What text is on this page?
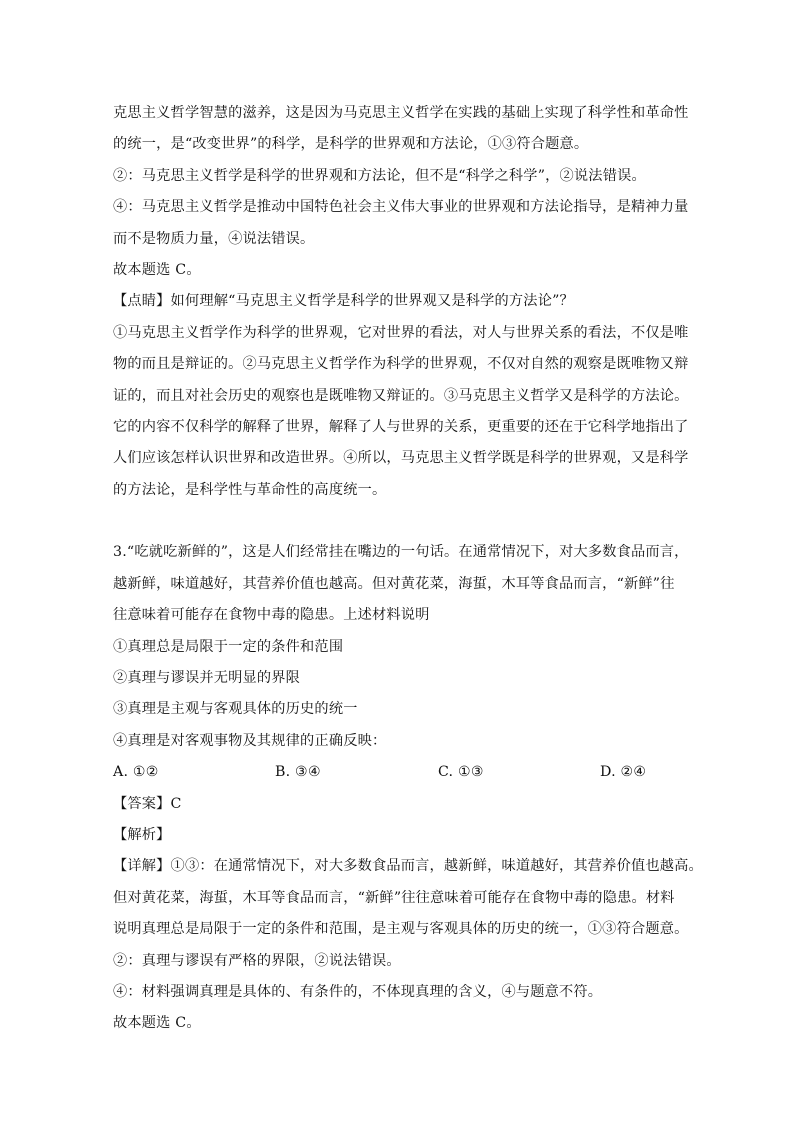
克思主义哲学智慧的滋养，这是因为马克思主义哲学在实践的基础上实现了科学性和革命性

的统一，是“改变世界”的科学，是科学的世界观和方法论，①③符合题意。

②：马克思主义哲学是科学的世界观和方法论，但不是“科学之科学”，②说法错误。

④：马克思主义哲学是推动中国特色社会主义伟大事业的世界观和方法论指导，是精神力量

而不是物质力量，④说法错误。

故本题选 C。

【点睛】如何理解“马克思主义哲学是科学的世界观又是科学的方法论”？

①马克思主义哲学作为科学的世界观，它对世界的看法，对人与世界关系的看法，不仅是唯

物的而且是辩证的。②马克思主义哲学作为科学的世界观，不仅对自然的观察是既唯物又辩

证的，而且对社会历史的观察也是既唯物又辩证的。③马克思主义哲学又是科学的方法论。

它的内容不仅科学的解释了世界，解释了人与世界的关系，更重要的还在于它科学地指出了

人们应该怎样认识世界和改造世界。④所以，马克思主义哲学既是科学的世界观，又是科学

的方法论，是科学性与革命性的高度统一。

3.“吃就吃新鲜的”，这是人们经常挂在嘴边的一句话。在通常情况下，对大多数食品而言，

越新鲜，味道越好，其营养价值也越高。但对黄花菜，海蜇，木耳等食品而言，“新鲜”往

往意味着可能存在食物中毒的隐患。上述材料说明

①真理总是局限于一定的条件和范围

②真理与谬误并无明显的界限

③真理是主观与客观具体的历史的统一

④真理是对客观事物及其规律的正确反映：

A. ①②	B. ③④	C. ①③	D. ②④

【答案】C

【解析】

【详解】①③：在通常情况下，对大多数食品而言，越新鲜，味道越好，其营养价值也越高。

但对黄花菜，海蜇，木耳等食品而言，“新鲜”往往意味着可能存在食物中毒的隐患。材料

说明真理总是局限于一定的条件和范围，是主观与客观具体的历史的统一，①③符合题意。

②：真理与谬误有严格的界限，②说法错误。

④：材料强调真理是具体的、有条件的，不体现真理的含义，④与题意不符。

故本题选 C。
